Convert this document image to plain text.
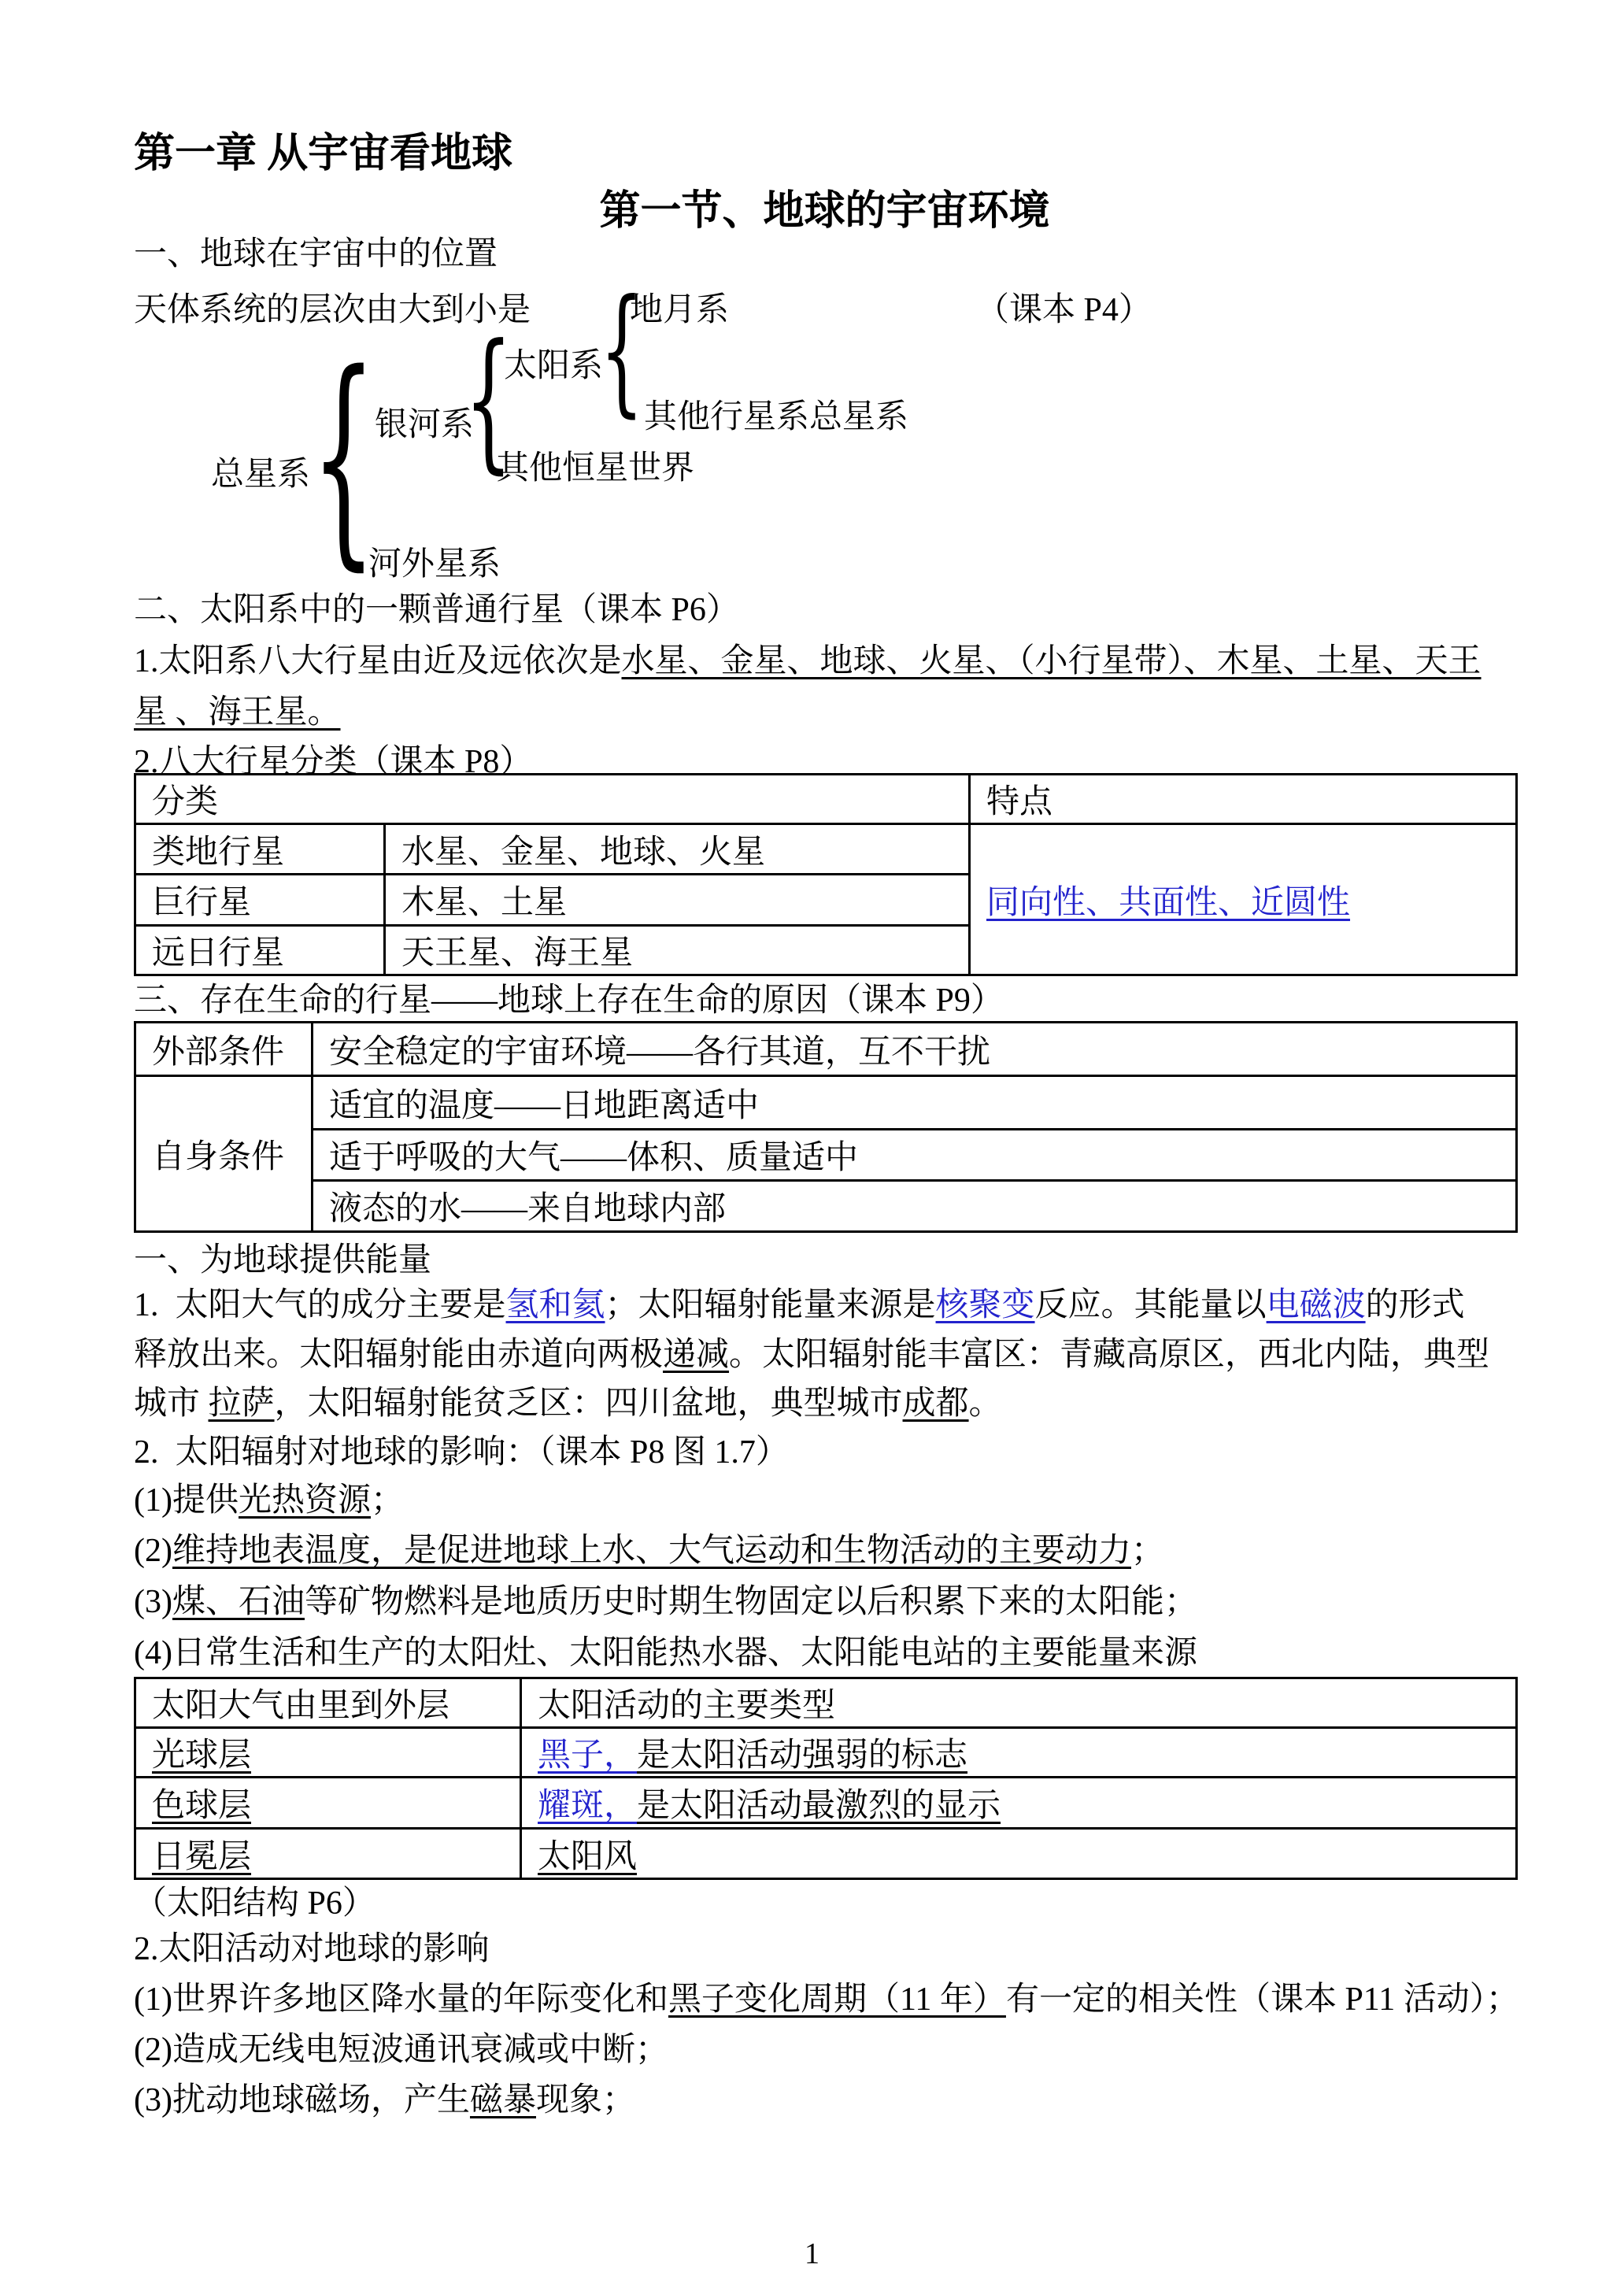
第一章 从宇宙看地球
第一节、地球的宇宙环境
一、地球在宇宙中的位置
天体系统的层次由大到小是	地月系	（课本 P4）
太阳系
其他行星系总星系
银河系
其他恒星世界
总星系
河外星系
{
{
{
二、太阳系中的一颗普通行星（课本 P6）
1.太阳系八大行星由近及远依次是水星、金星、地球、火星、（小行星带）、木星、土星、天王
星 、海王星。
2.八大行星分类（课本 P8）
分类		特点
类地行星	水星、金星、地球、火星	同向性、共面性、近圆性
巨行星	木星、土星	
远日行星	天王星、海王星	
三、存在生命的行星——地球上存在生命的原因（课本 P9）
外部条件	安全稳定的宇宙环境——各行其道，互不干扰
自身条件	适宜的温度——日地距离适中
	适于呼吸的大气——体积、质量适中
	液态的水——来自地球内部
一、为地球提供能量
1.  太阳大气的成分主要是氢和氦；太阳辐射能量来源是核聚变反应。其能量以电磁波的形式
释放出来。太阳辐射能由赤道向两极递减。太阳辐射能丰富区：青藏高原区，西北内陆，典型
城市 拉萨，太阳辐射能贫乏区：四川盆地，典型城市成都。
2.  太阳辐射对地球的影响：（课本 P8 图 1.7）
(1)提供光热资源；
(2)维持地表温度，是促进地球上水、大气运动和生物活动的主要动力；
(3)煤、石油等矿物燃料是地质历史时期生物固定以后积累下来的太阳能；
(4)日常生活和生产的太阳灶、太阳能热水器、太阳能电站的主要能量来源
太阳大气由里到外层	太阳活动的主要类型
光球层	黑子，是太阳活动强弱的标志
色球层	耀斑，是太阳活动最激烈的显示
日冕层	太阳风
（太阳结构 P6）
2.太阳活动对地球的影响
(1)世界许多地区降水量的年际变化和黑子变化周期（11 年）有一定的相关性（课本 P11 活动）；
(2)造成无线电短波通讯衰减或中断；
(3)扰动地球磁场，产生磁暴现象；
1
